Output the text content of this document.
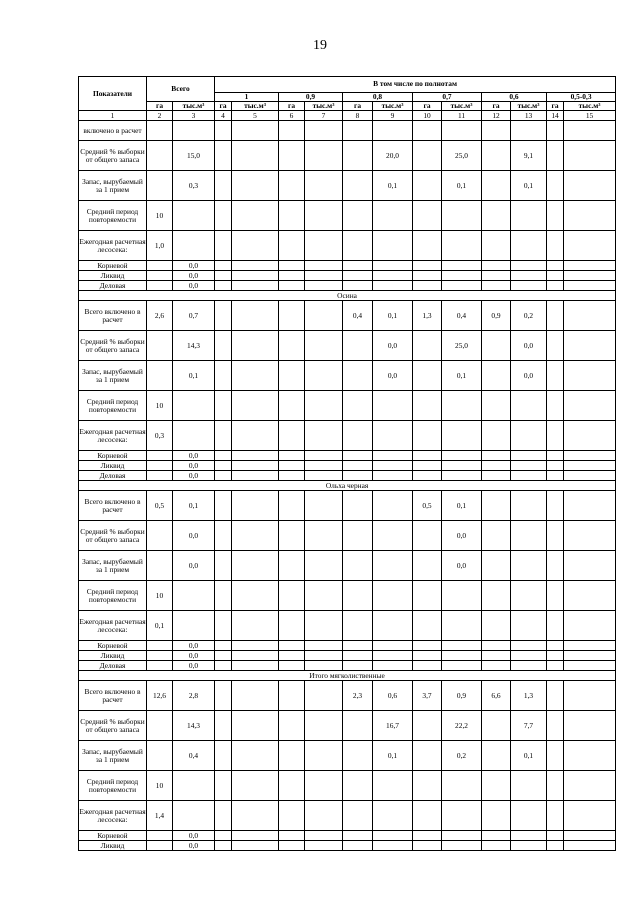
19
Показатели	Всего		В том числе по полнотам											
			1		0,9		0,8		0,7		0,6		0,5-0,3	
	га	тыс.м³	га	тыс.м³	га	тыс.м³	га	тыс.м³	га	тыс.м³	га	тыс.м³	га	тыс.м³
1	2	3	4	5	6	7	8	9	10	11	12	13	14	15
включено в расчет														
Средний % выборки от общего запаса		15,0						20,0		25,0		9,1		
Запас, вырубаемый за 1 прием		0,3						0,1		0,1		0,1		
Средний период повторяемости	10													
Ежегодная расчетная лесосека:	1,0													
Корневой		0,0												
Ликвид		0,0												
Деловая		0,0												
Осина														
Всего включено в расчет	2,6	0,7					0,4	0,1	1,3	0,4	0,9	0,2		
Средний % выборки от общего запаса		14,3						0,0		25,0		0,0		
Запас, вырубаемый за 1 прием		0,1						0,0		0,1		0,0		
Средний период повторяемости	10													
Ежегодная расчетная лесосека:	0,3													
Корневой		0,0												
Ликвид		0,0												
Деловая		0,0												
Ольха черная														
Всего включено в расчет	0,5	0,1							0,5	0,1				
Средний % выборки от общего запаса		0,0								0,0				
Запас, вырубаемый за 1 прием		0,0								0,0				
Средний период повторяемости	10													
Ежегодная расчетная лесосека:	0,1													
Корневой		0,0												
Ликвид		0,0												
Деловая		0,0												
Итого мягколиственные														
Всего включено в расчет	12,6	2,8					2,3	0,6	3,7	0,9	6,6	1,3		
Средний % выборки от общего запаса		14,3						16,7		22,2		7,7		
Запас, вырубаемый за 1 прием		0,4						0,1		0,2		0,1		
Средний период повторяемости	10													
Ежегодная расчетная лесосека:	1,4													
Корневой		0,0												
Ликвид		0,0												
